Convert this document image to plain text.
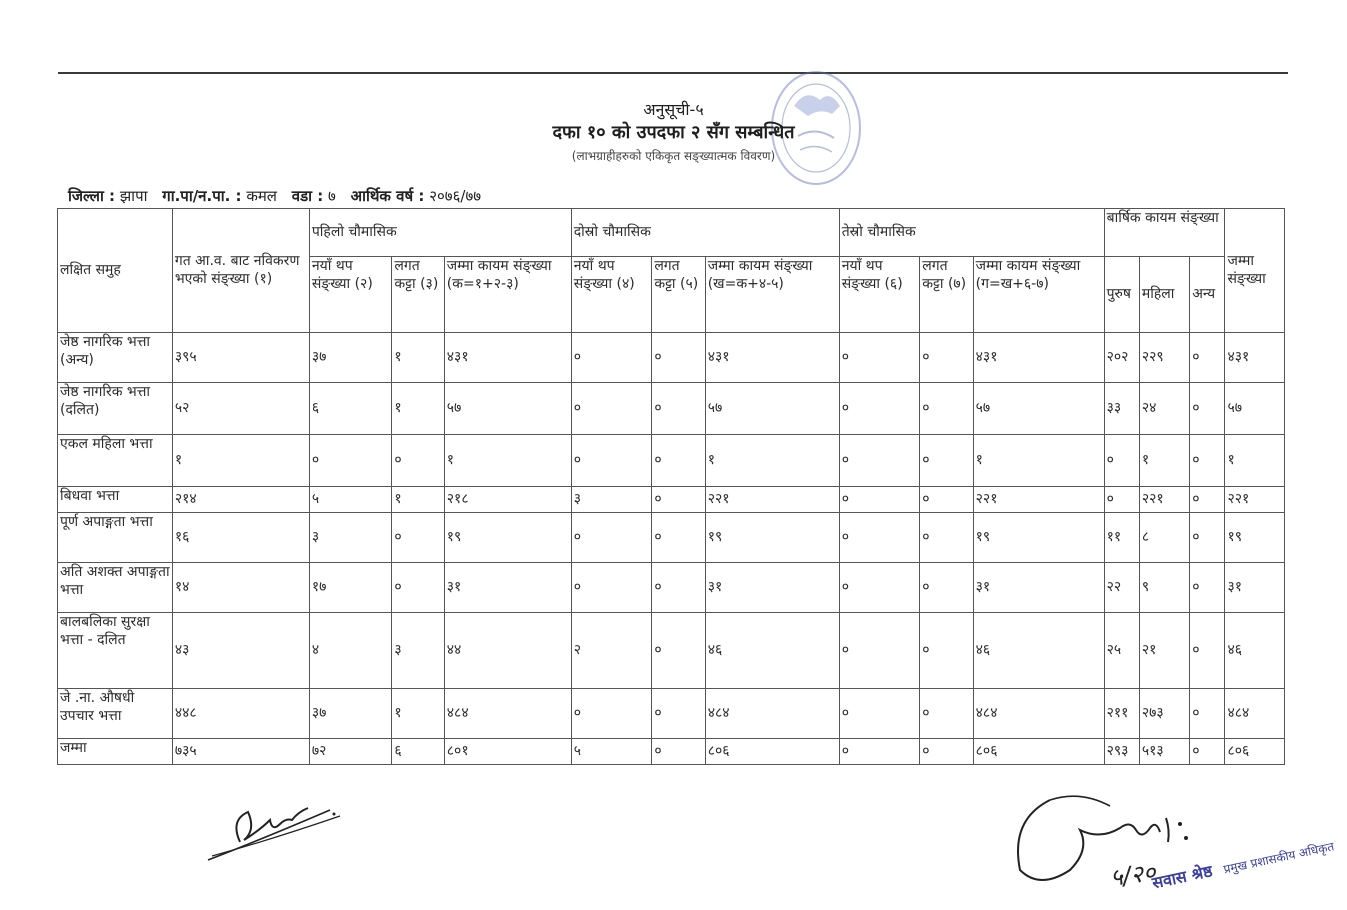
अनुसूची-५
दफा १० को उपदफा २ सँग सम्बन्धित
(लाभग्राहीहरुको एकिकृत सङ्ख्यात्मक विवरण)
जिल्ला : झापा गा.पा/न.पा. : कमल वडा : ७ आर्थिक वर्ष : २०७६/७७
लक्षित समुह	गत आ.व. बाट नविकरण भएको संङ्ख्या (१)	पहिलो चौमासिक			दोस्रो चौमासिक			तेस्रो चौमासिक			बार्षिक कायम संङ्ख्या			जम्मा संङ्ख्या
		नयाँ थप संङ्ख्या (२)	लगत कट्टा (३)	जम्मा कायम संङ्ख्या (क=१+२-३)	नयाँ थप संङ्ख्या (४)	लगत कट्टा (५)	जम्मा कायम संङ्ख्या (ख=क+४-५)	नयाँ थप संङ्ख्या (६)	लगत कट्टा (७)	जम्मा कायम संङ्ख्या (ग=ख+६-७)	पुरुष	महिला	अन्य	
जेष्ठ नागरिक भत्ता (अन्य)	३९५	३७	१	४३१	०	०	४३१	०	०	४३१	२०२	२२९	०	४३१
जेष्ठ नागरिक भत्ता (दलित)	५२	६	१	५७	०	०	५७	०	०	५७	३३	२४	०	५७
एकल महिला भत्ता	१	०	०	१	०	०	१	०	०	१	०	१	०	१
बिधवा भत्ता	२१४	५	१	२१८	३	०	२२१	०	०	२२१	०	२२१	०	२२१
पूर्ण अपाङ्गता भत्ता	१६	३	०	१९	०	०	१९	०	०	१९	११	८	०	१९
अति अशक्त अपाङ्गता भत्ता	१४	१७	०	३१	०	०	३१	०	०	३१	२२	९	०	३१
बालबलिका सुरक्षा भत्ता - दलित	४३	४	३	४४	२	०	४६	०	०	४६	२५	२१	०	४६
जे .ना. औषधी उपचार भत्ता	४४८	३७	१	४८४	०	०	४८४	०	०	४८४	२११	२७३	०	४८४
जम्मा	७३५	७२	६	८०१	५	०	८०६	०	०	८०६	२९३	५१३	०	८०६
५/२०
सवास श्रेष्ठ प्रमुख प्रशासकीय अधिकृत
